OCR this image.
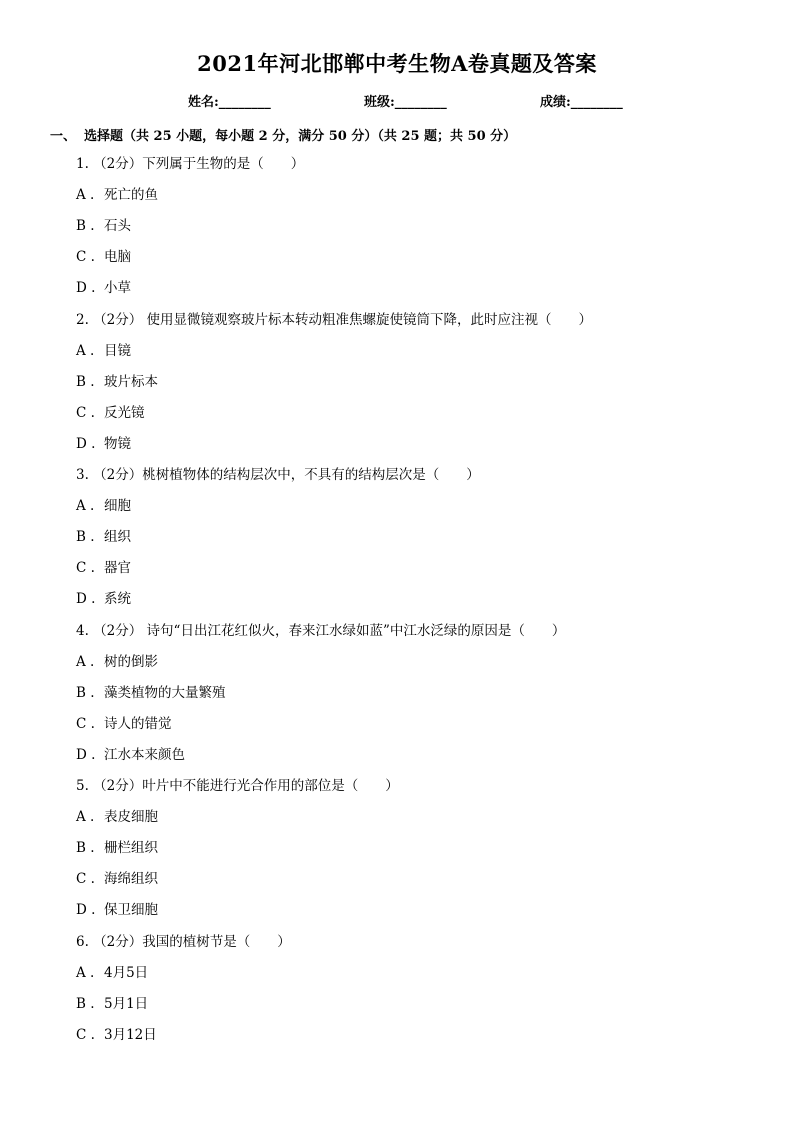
2021年河北邯郸中考生物A卷真题及答案
姓名:________	班级:________	成绩:________
一、 选择题（共 25 小题，每小题 2 分，满分 50 分）（共 25 题；共 50 分）
1. （2分）下列属于生物的是（　　）
A . 死亡的鱼
B . 石头
C . 电脑
D . 小草
2. （2分） 使用显微镜观察玻片标本转动粗准焦螺旋使镜筒下降，此时应注视（　　）
A . 目镜
B . 玻片标本
C . 反光镜
D . 物镜
3. （2分）桃树植物体的结构层次中，不具有的结构层次是（　　）
A . 细胞
B . 组织
C . 器官
D . 系统
4. （2分） 诗句“日出江花红似火，春来江水绿如蓝”中江水泛绿的原因是（　　）
A . 树的倒影
B . 藻类植物的大量繁殖
C . 诗人的错觉
D . 江水本来颜色
5. （2分）叶片中不能进行光合作用的部位是（　　）
A . 表皮细胞
B . 栅栏组织
C . 海绵组织
D . 保卫细胞
6. （2分）我国的植树节是（　　）
A . 4月5日
B . 5月1日
C . 3月12日
